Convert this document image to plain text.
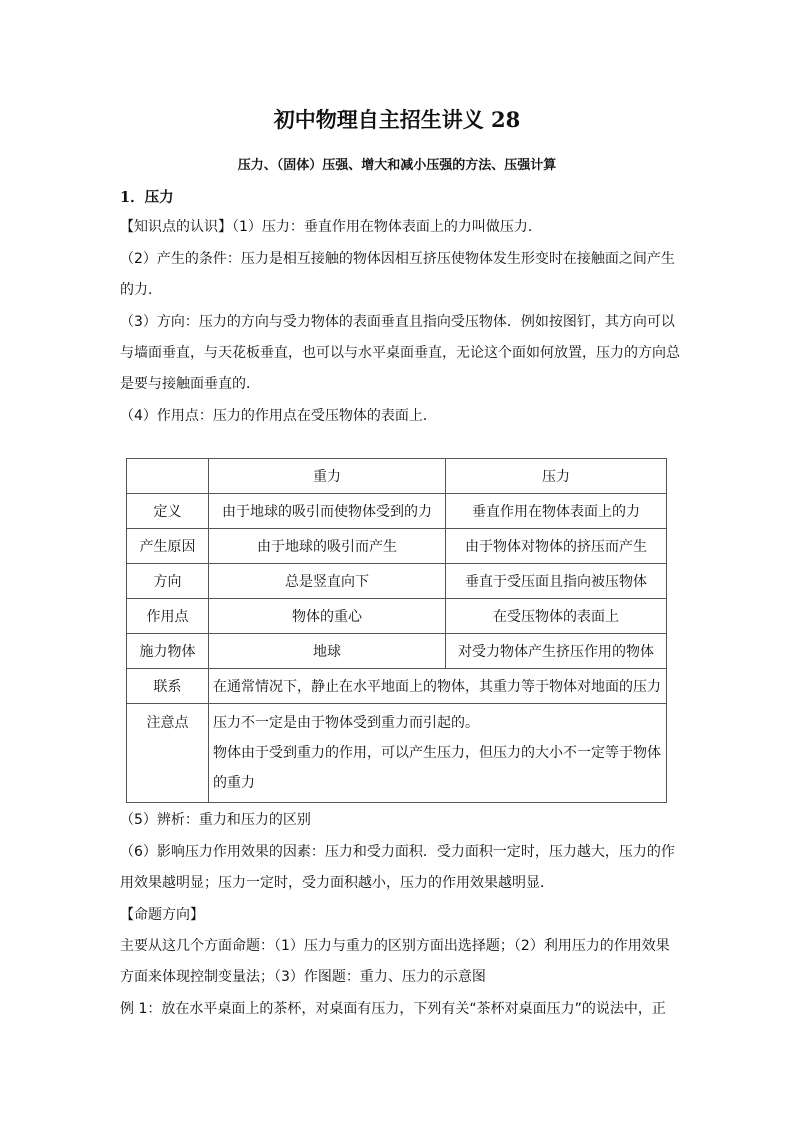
初中物理自主招生讲义 28
压力、（固体）压强、增大和减小压强的方法、压强计算
1．压力
【知识点的认识】（1）压力：垂直作用在物体表面上的力叫做压力．
（2）产生的条件：压力是相互接触的物体因相互挤压使物体发生形变时在接触面之间产生
的力．
（3）方向：压力的方向与受力物体的表面垂直且指向受压物体．例如按图钉，其方向可以
与墙面垂直，与天花板垂直，也可以与水平桌面垂直，无论这个面如何放置，压力的方向总
是要与接触面垂直的．
（4）作用点：压力的作用点在受压物体的表面上．
	重力	压力
定义	由于地球的吸引而使物体受到的力	垂直作用在物体表面上的力
产生原因	由于地球的吸引而产生	由于物体对物体的挤压而产生
方向	总是竖直向下	垂直于受压面且指向被压物体
作用点	物体的重心	在受压物体的表面上
施力物体	地球	对受力物体产生挤压作用的物体
联系	在通常情况下，静止在水平地面上的物体，其重力等于物体对地面的压力	
注意点	压力不一定是由于物体受到重力而引起的。
物体由于受到重力的作用，可以产生压力，但压力的大小不一定等于物体
的重力	
（5）辨析：重力和压力的区别
（6）影响压力作用效果的因素：压力和受力面积．受力面积一定时，压力越大，压力的作
用效果越明显；压力一定时，受力面积越小，压力的作用效果越明显．
【命题方向】
主要从这几个方面命题：（1）压力与重力的区别方面出选择题；（2）利用压力的作用效果
方面来体现控制变量法；（3）作图题：重力、压力的示意图
例 1：放在水平桌面上的茶杯，对桌面有压力，下列有关“茶杯对桌面压力”的说法中，正
